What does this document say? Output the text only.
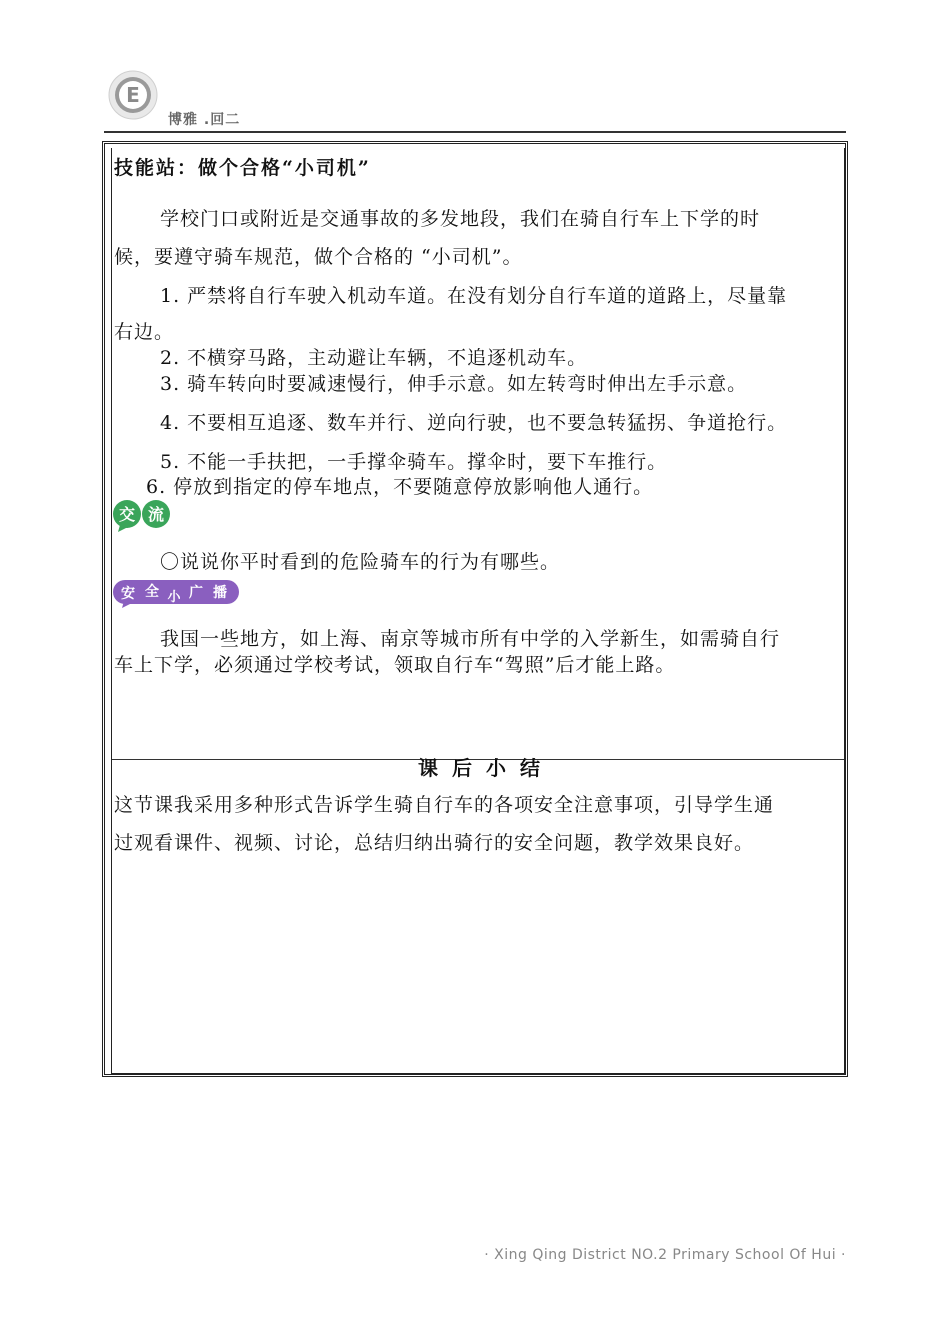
E
博雅 .回二
技能站：做个合格“小司机”
学校门口或附近是交通事故的多发地段，我们在骑自行车上下学的时
候，要遵守骑车规范，做个合格的 “小司机”。
1. 严禁将自行车驶入机动车道。在没有划分自行车道的道路上，尽量靠
右边。
2. 不横穿马路，主动避让车辆，不追逐机动车。
3. 骑车转向时要减速慢行，伸手示意。如左转弯时伸出左手示意。
4. 不要相互追逐、数车并行、逆向行驶，也不要急转猛拐、争道抢行。
5. 不能一手扶把，一手撑伞骑车。撑伞时，要下车推行。
6. 停放到指定的停车地点，不要随意停放影响他人通行。
交 流
〇说说你平时看到的危险骑车的行为有哪些。
安 全 小 广 播
我国一些地方，如上海、南京等城市所有中学的入学新生，如需骑自行
车上下学，必须通过学校考试，领取自行车“驾照”后才能上路。
课后小结
这节课我采用多种形式告诉学生骑自行车的各项安全注意事项，引导学生通
过观看课件、视频、讨论，总结归纳出骑行的安全问题，教学效果良好。
· Xing Qing District NO.2 Primary School Of Hui ·
